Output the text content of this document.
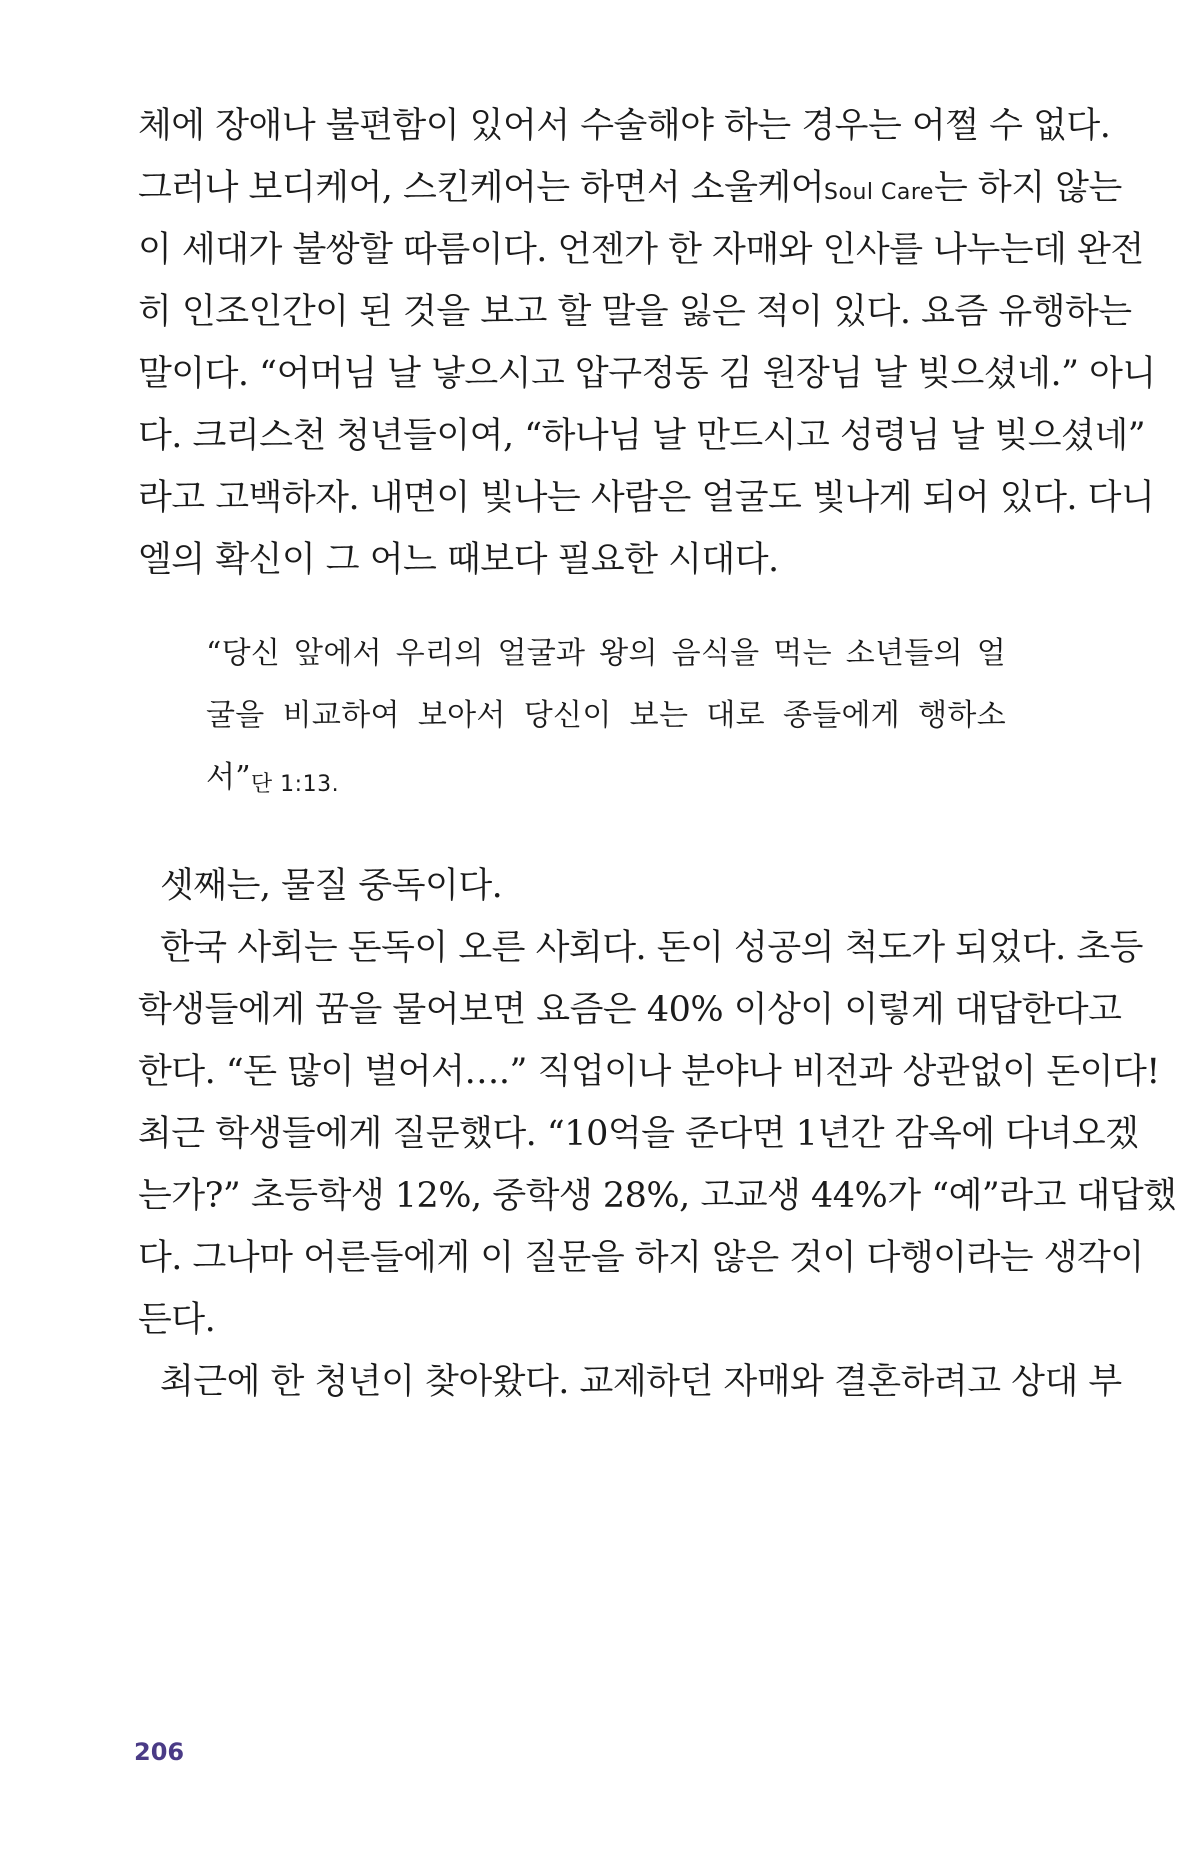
체에 장애나 불편함이 있어서 수술해야 하는 경우는 어쩔 수 없다.
그러나 보디케어, 스킨케어는 하면서 소울케어Soul Care는 하지 않는
이 세대가 불쌍할 따름이다. 언젠가 한 자매와 인사를 나누는데 완전
히 인조인간이 된 것을 보고 할 말을 잃은 적이 있다. 요즘 유행하는
말이다. “어머님 날 낳으시고 압구정동 김 원장님 날 빚으셨네.” 아니
다. 크리스천 청년들이여, “하나님 날 만드시고 성령님 날 빚으셨네”
라고 고백하자. 내면이 빛나는 사람은 얼굴도 빛나게 되어 있다. 다니
엘의 확신이 그 어느 때보다 필요한 시대다.
“당신 앞에서 우리의 얼굴과 왕의 음식을 먹는 소년들의 얼
굴을 비교하여 보아서 당신이 보는 대로 종들에게 행하소
서”단 1:13.
셋째는, 물질 중독이다.
한국 사회는 돈독이 오른 사회다. 돈이 성공의 척도가 되었다. 초등
학생들에게 꿈을 물어보면 요즘은 40% 이상이 이렇게 대답한다고
한다. “돈 많이 벌어서….” 직업이나 분야나 비전과 상관없이 돈이다!
최근 학생들에게 질문했다. “10억을 준다면 1년간 감옥에 다녀오겠
는가?” 초등학생 12%, 중학생 28%, 고교생 44%가 “예”라고 대답했
다. 그나마 어른들에게 이 질문을 하지 않은 것이 다행이라는 생각이
든다.
최근에 한 청년이 찾아왔다. 교제하던 자매와 결혼하려고 상대 부
206
